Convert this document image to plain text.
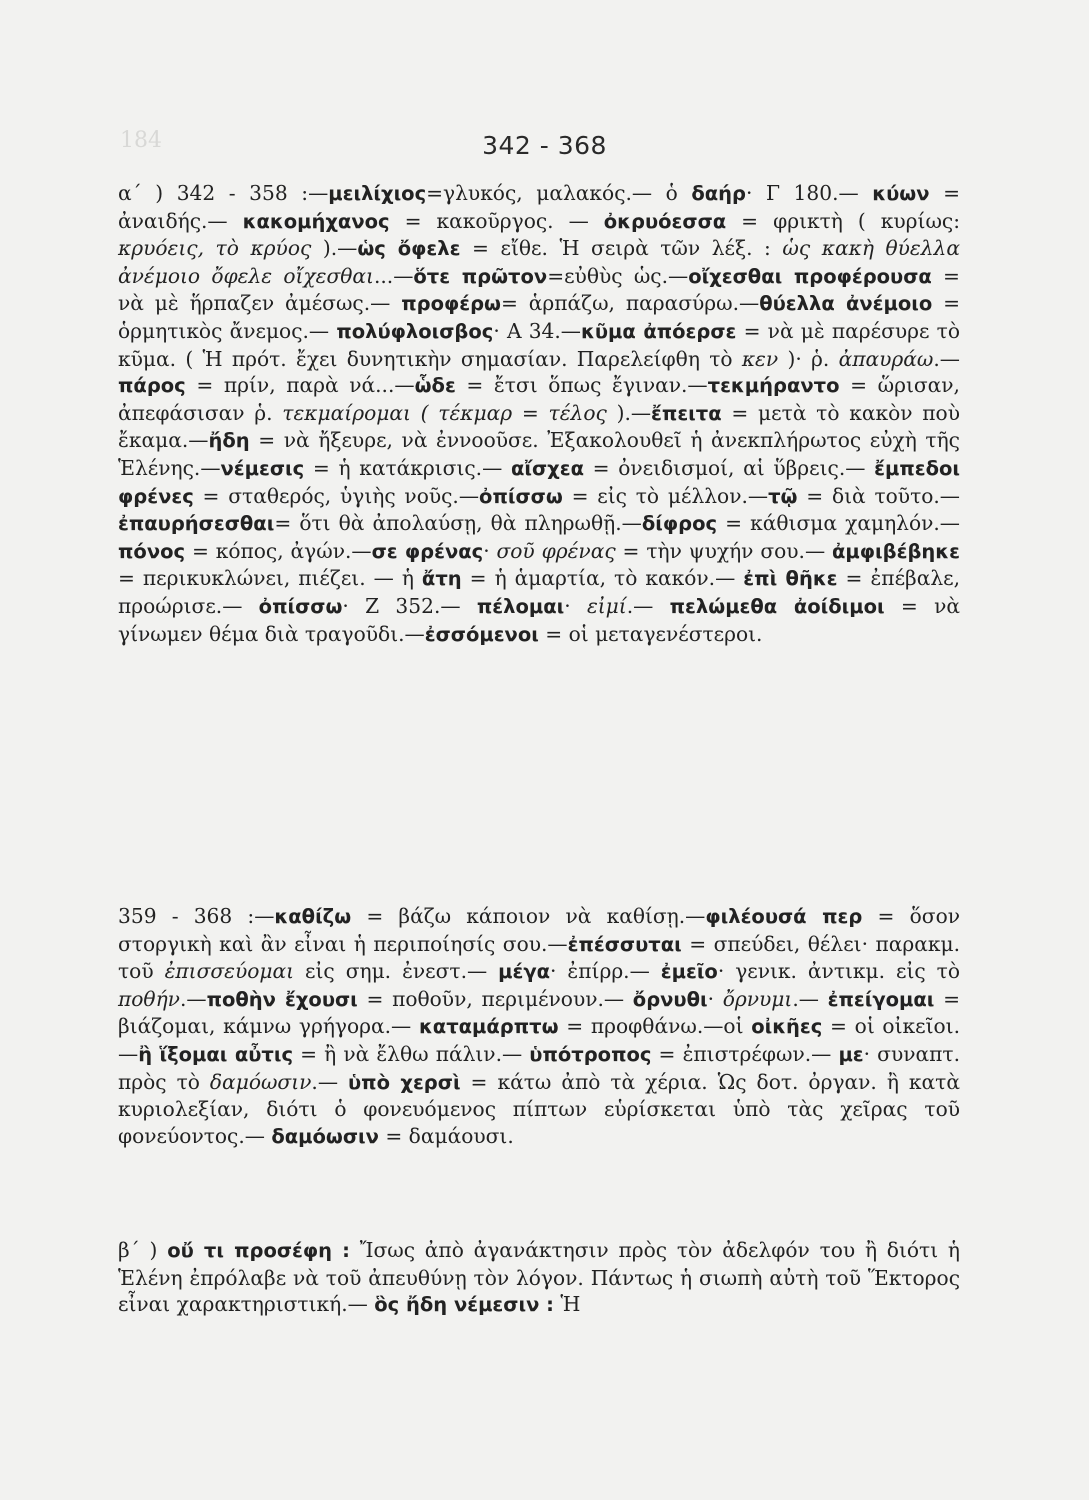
184	342 - 368

α΄ ) 342 - 358 :—μειλίχιος=γλυκός, μαλακός.— ὁ δαήρ· Γ 180.— κύων = ἀναιδής.— κακομήχανος = κακοῦργος. — ὀκρυόεσσα = φρικτὴ ( κυρίως: κρυόεις, τὸ κρύος ).—ὡς ὄφελε = εἴθε. Ἡ σειρὰ τῶν λέξ. : ὡς κακὴ θύελλα ἀνέμοιο ὄφελε οἴχεσθαι...—ὅτε πρῶτον=εὐθὺς ὡς.—οἴχεσθαι προφέρουσα = νὰ μὲ ἥρπαζεν ἀμέσως.— προφέρω= ἁρπάζω, παρασύρω.—θύελλα ἀνέμοιο = ὁρμητικὸς ἄνεμος.— πολύφλοισβος· Α 34.—κῦμα ἀπόερσε = νὰ μὲ παρέσυρε τὸ κῦμα. ( Ἡ πρότ. ἔχει δυνητικὴν σημασίαν. Παρελείφθη τὸ κεν )· ῥ. ἀπαυράω.— πάρος = πρίν, παρὰ νά...—ὧδε = ἔτσι ὅπως ἔγιναν.—τεκμήραντο = ὥρισαν, ἀπεφάσισαν ῥ. τεκμαίρομαι ( τέκμαρ = τέλος ).—ἔπειτα = μετὰ τὸ κακὸν ποὺ ἔκαμα.—ἤδη = νὰ ἤξευρε, νὰ ἐννοοῦσε. Ἐξακολουθεῖ ἡ ἀνεκπλήρωτος εὐχὴ τῆς Ἑλένης.—νέμεσις = ἡ κατάκρισις.— αἴσχεα = ὀνειδισμοί, αἱ ὕβρεις.— ἔμπεδοι φρένες = σταθερός, ὑγιὴς νοῦς.—ὀπίσσω = εἰς τὸ μέλλον.—τῷ = διὰ τοῦτο.—ἐπαυρήσεσθαι= ὅτι θὰ ἀπολαύσῃ, θὰ πληρωθῇ.—δίφρος = κάθισμα χαμηλόν.—πόνος = κόπος, ἀγών.—σε φρένας· σοῦ φρένας = τὴν ψυχήν σου.— ἀμφιβέβηκε = περικυκλώνει, πιέζει. — ἡ ἄτη = ἡ ἁμαρτία, τὸ κακόν.— ἐπὶ θῆκε = ἐπέβαλε, προώρισε.— ὀπίσσω· Ζ 352.— πέλομαι· εἰμί.— πελώμεθα ἀοίδιμοι = νὰ γίνωμεν θέμα διὰ τραγοῦδι.—ἐσσόμενοι = οἱ μεταγενέστεροι.

359 - 368 :—καθίζω = βάζω κάποιον νὰ καθίσῃ.—φιλέουσά περ = ὅσον στοργικὴ καὶ ἂν εἶναι ἡ περιποίησίς σου.—ἐπέσσυται = σπεύδει, θέλει· παρακμ. τοῦ ἐπισσεύομαι εἰς σημ. ἐνεστ.— μέγα· ἐπίρρ.— ἐμεῖο· γενικ. ἀντικμ. εἰς τὸ ποθήν.—ποθὴν ἔχουσι = ποθοῦν, περιμένουν.— ὄρνυθι· ὄρνυμι.— ἐπείγομαι = βιάζομαι, κάμνω γρήγορα.— καταμάρπτω = προφθάνω.—οἱ οἰκῆες = οἱ οἰκεῖοι.—ἢ ἵξομαι αὖτις = ἢ νὰ ἔλθω πάλιν.— ὑπότροπος = ἐπιστρέφων.— με· συναπτ. πρὸς τὸ δαμόωσιν.— ὑπὸ χερσὶ = κάτω ἀπὸ τὰ χέρια. Ὡς δοτ. ὀργαν. ἢ κατὰ κυριολεξίαν, διότι ὁ φονευόμενος πίπτων εὑρίσκεται ὑπὸ τὰς χεῖρας τοῦ φονεύοντος.— δαμόωσιν = δαμάουσι.

β΄ ) οὔ τι προσέφη : Ἴσως ἀπὸ ἀγανάκτησιν πρὸς τὸν ἀδελφόν του ἢ διότι ἡ Ἑλένη ἐπρόλαβε νὰ τοῦ ἀπευθύνῃ τὸν λόγον. Πάντως ἡ σιωπὴ αὐτὴ τοῦ Ἕκτορος εἶναι χαρακτηριστική.— ὃς ἤδη νέμεσιν : Ἡ
